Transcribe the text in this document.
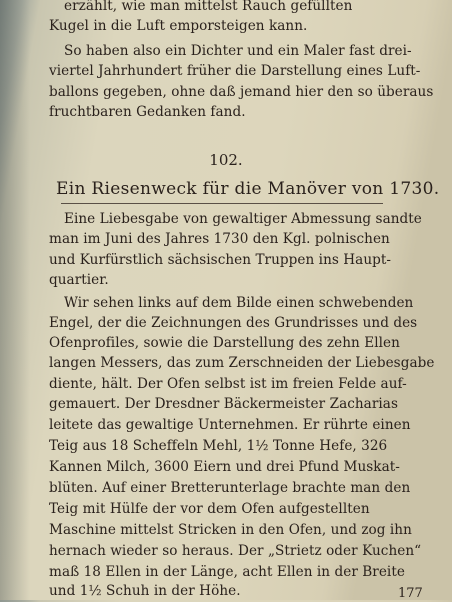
erzählt, wie man mittelst Rauch gefüllten
Kugel in die Luft emporsteigen kann.
So haben also ein Dichter und ein Maler fast drei-
viertel Jahrhundert früher die Darstellung eines Luft-
ballons gegeben, ohne daß jemand hier den so überaus
fruchtbaren Gedanken fand.
102.
Ein Riesenweck für die Manöver von 1730.
Eine Liebesgabe von gewaltiger Abmessung sandte
man im Juni des Jahres 1730 den Kgl. polnischen
und Kurfürstlich sächsischen Truppen ins Haupt-
quartier.
Wir sehen links auf dem Bilde einen schwebenden
Engel, der die Zeichnungen des Grundrisses und des
Ofenprofiles, sowie die Darstellung des zehn Ellen
langen Messers, das zum Zerschneiden der Liebesgabe
diente, hält. Der Ofen selbst ist im freien Felde auf-
gemauert. Der Dresdner Bäckermeister Zacharias
leitete das gewaltige Unternehmen. Er rührte einen
Teig aus 18 Scheffeln Mehl, 1½ Tonne Hefe, 326
Kannen Milch, 3600 Eiern und drei Pfund Muskat-
blüten. Auf einer Bretterunterlage brachte man den
Teig mit Hülfe der vor dem Ofen aufgestellten
Maschine mittelst Stricken in den Ofen, und zog ihn
hernach wieder so heraus. Der „Strietz oder Kuchen“
maß 18 Ellen in der Länge, acht Ellen in der Breite
und 1½ Schuh in der Höhe.	177
